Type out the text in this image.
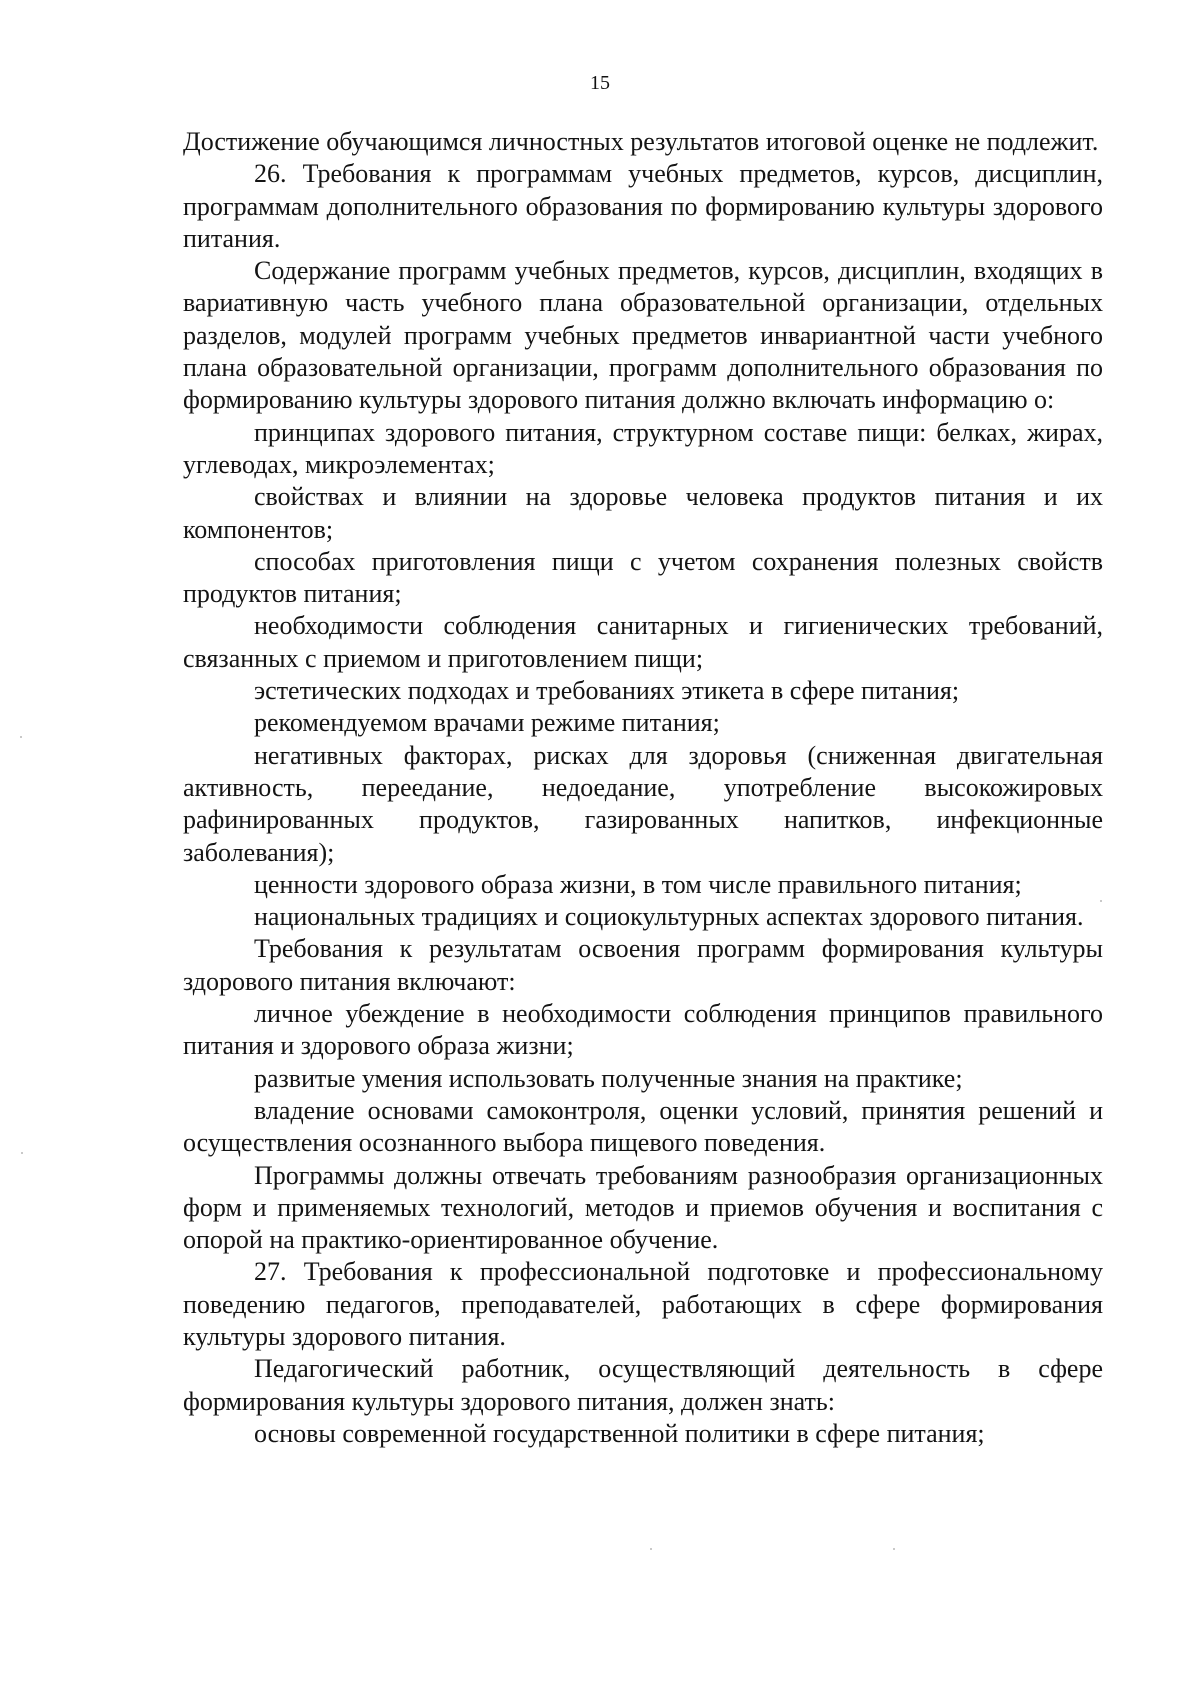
15

Достижение обучающимся личностных результатов итоговой оценке не подлежит.

26. Требования к программам учебных предметов, курсов, дисциплин, программам дополнительного образования по формированию культуры здорового питания.

Содержание программ учебных предметов, курсов, дисциплин, входящих в вариативную часть учебного плана образовательной организации, отдельных разделов, модулей программ учебных предметов инвариантной части учебного плана образовательной организации, программ дополнительного образования по формированию культуры здорового питания должно включать информацию о:

принципах здорового питания, структурном составе пищи: белках, жирах, углеводах, микроэлементах;

свойствах и влиянии на здоровье человека продуктов питания и их компонентов;

способах приготовления пищи с учетом сохранения полезных свойств продуктов питания;

необходимости соблюдения санитарных и гигиенических требований, связанных с приемом и приготовлением пищи;

эстетических подходах и требованиях этикета в сфере питания;

рекомендуемом врачами режиме питания;

негативных факторах, рисках для здоровья (сниженная двигательная активность, переедание, недоедание, употребление высокожировых рафинированных продуктов, газированных напитков, инфекционные заболевания);

ценности здорового образа жизни, в том числе правильного питания;

национальных традициях и социокультурных аспектах здорового питания.

Требования к результатам освоения программ формирования культуры здорового питания включают:

личное убеждение в необходимости соблюдения принципов правильного питания и здорового образа жизни;

развитые умения использовать полученные знания на практике;

владение основами самоконтроля, оценки условий, принятия решений и осуществления осознанного выбора пищевого поведения.

Программы должны отвечать требованиям разнообразия организационных форм и применяемых технологий, методов и приемов обучения и воспитания с опорой на практико-ориентированное обучение.

27. Требования к профессиональной подготовке и профессиональному поведению педагогов, преподавателей, работающих в сфере формирования культуры здорового питания.

Педагогический работник, осуществляющий деятельность в сфере формирования культуры здорового питания, должен знать:

основы современной государственной политики в сфере питания;
